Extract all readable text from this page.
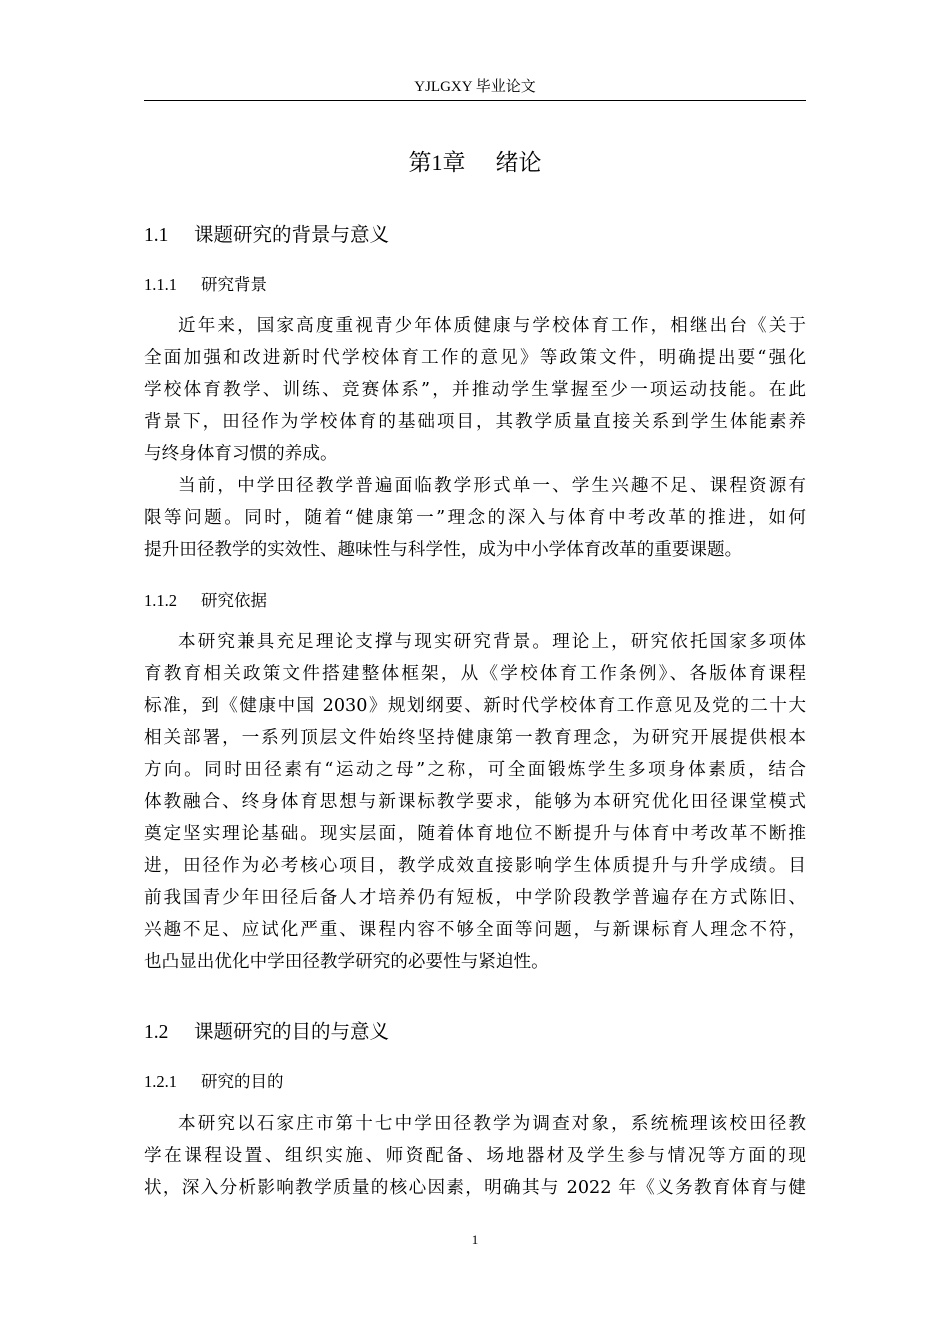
YJLGXY 毕业论文
第1章 绪论
1.1 课题研究的背景与意义
1.1.1 研究背景
近年来，国家高度重视青少年体质健康与学校体育工作，相继出台《关于
全面加强和改进新时代学校体育工作的意见》等政策文件，明确提出要“强化
学校体育教学、训练、竞赛体系”，并推动学生掌握至少一项运动技能。在此
背景下，田径作为学校体育的基础项目，其教学质量直接关系到学生体能素养
与终身体育习惯的养成。
当前，中学田径教学普遍面临教学形式单一、学生兴趣不足、课程资源有
限等问题。同时，随着“健康第一”理念的深入与体育中考改革的推进，如何
提升田径教学的实效性、趣味性与科学性，成为中小学体育改革的重要课题。
1.1.2 研究依据
本研究兼具充足理论支撑与现实研究背景。理论上，研究依托国家多项体
育教育相关政策文件搭建整体框架，从《学校体育工作条例》、各版体育课程
标准，到《健康中国 2030》规划纲要、新时代学校体育工作意见及党的二十大
相关部署，一系列顶层文件始终坚持健康第一教育理念，为研究开展提供根本
方向。同时田径素有“运动之母”之称，可全面锻炼学生多项身体素质，结合
体教融合、终身体育思想与新课标教学要求，能够为本研究优化田径课堂模式
奠定坚实理论基础。现实层面，随着体育地位不断提升与体育中考改革不断推
进，田径作为必考核心项目，教学成效直接影响学生体质提升与升学成绩。目
前我国青少年田径后备人才培养仍有短板，中学阶段教学普遍存在方式陈旧、
兴趣不足、应试化严重、课程内容不够全面等问题，与新课标育人理念不符，
也凸显出优化中学田径教学研究的必要性与紧迫性。
1.2 课题研究的目的与意义
1.2.1 研究的目的
本研究以石家庄市第十七中学田径教学为调查对象，系统梳理该校田径教
学在课程设置、组织实施、师资配备、场地器材及学生参与情况等方面的现
状，深入分析影响教学质量的核心因素，明确其与 2022 年《义务教育体育与健
1
